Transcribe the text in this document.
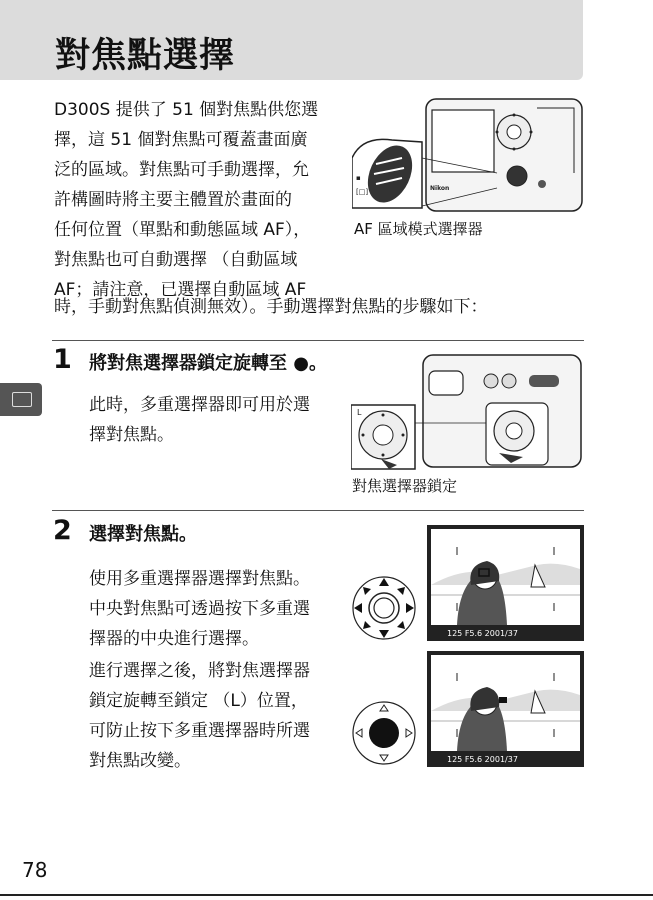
對焦點選擇
D300S 提供了 51 個對焦點供您選
擇，這 51 個對焦點可覆蓋畫面廣
泛的區域。對焦點可手動選擇，允
許構圖時將主要主體置於畫面的
任何位置（單點和動態區域 AF），
對焦點也可自動選擇 （自動區域
AF；請注意，已選擇自動區域 AF
時，手動對焦點偵測無效）。手動選擇對焦點的步驟如下：
Nikon
▪
[□]
AF 區域模式選擇器
1 將對焦選擇器鎖定旋轉至 ●。
此時，多重選擇器即可用於選
擇對焦點。
L
對焦選擇器鎖定
2 選擇對焦點。
使用多重選擇器選擇對焦點。
中央對焦點可透過按下多重選
擇器的中央進行選擇。
進行選擇之後，將對焦選擇器
鎖定旋轉至鎖定 （L）位置，
可防止按下多重選擇器時所選
對焦點改變。
125 F5.6 2001/37
125 F5.6 2001/37
78
